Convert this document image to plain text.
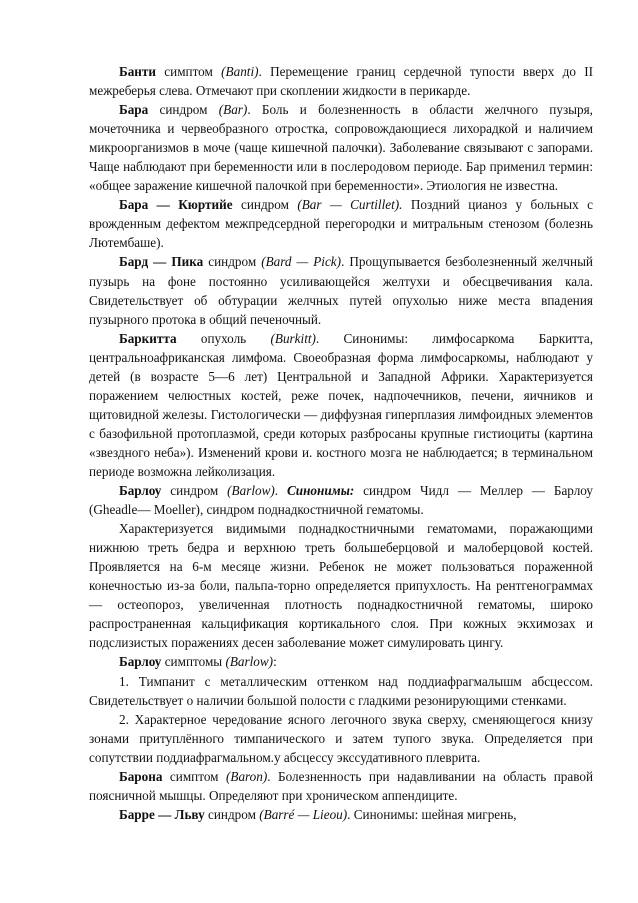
Банти симптом (Banti). Перемещение границ сердечной тупости вверх до II межреберья слева. Отмечают при скоплении жидкости в перикарде.

Бара синдром (Bar). Боль и болезненность в области желчного пузыря, мочеточника и червеобразного отростка, сопровождающиеся лихорадкой и наличием микроорганизмов в моче (чаще кишечной палочки). Заболевание связывают с запорами. Чаще наблюдают при беременности или в послеродовом периоде. Бар применил термин: «общее заражение кишечной палочкой при беременности». Этиология не известна.

Бара — Кюртийе синдром (Bar — Curtillet). Поздний цианоз у больных с врожденным дефектом межпредсердной перегородки и митральным стенозом (болезнь Лютембаше).

Бард — Пика синдром (Bard — Pick). Прощупывается безболезненный желчный пузырь на фоне постоянно усиливающейся желтухи и обесцвечивания кала. Свидетельствует об обтурации желчных путей опухолью ниже места впадения пузырного протока в общий печеночный.

Баркитта опухоль (Burkitt). Синонимы: лимфосаркома Баркитта, центральноафриканская лимфома. Своеобразная форма лимфосаркомы, наблюдают у детей (в возрасте 5—6 лет) Центральной и Западной Африки. Характеризуется поражением челюстных костей, реже почек, надпочечников, печени, яичников и щитовидной железы. Гистологически — диффузная гиперплазия лимфоидных элементов с базофильной протоплазмой, среди которых разбросаны крупные гистиоциты (картина «звездного неба»). Изменений крови и. костного мозга не наблюдается; в терминальном периоде возможна лейколизация.

Барлоу синдром (Barlow). Синонимы: синдром Чидл — Меллер — Барлоу (Gheadle— Moeller), синдром поднадкостничной гематомы.

Характеризуется видимыми поднадкостничными гематомами, поражающими нижнюю треть бедра и верхнюю треть большеберцовой и малоберцовой костей. Проявляется на 6-м месяце жизни. Ребенок не может пользоваться пораженной конечностью из-за боли, пальпа-торно определяется припухлость. На рентгенограммах — остеопороз, увеличенная плотность поднадкостничной гематомы, широко распространенная кальцификация кортикального слоя. При кожных экхимозах и подслизистых поражениях десен заболевание может симулировать цингу.

Барлоу симптомы (Barlow):

1. Тимпанит с металлическим оттенком над поддиафрагмалышм абсцессом. Свидетельствует о наличии большой полости с гладкими резонирующими стенками.

2. Характерное чередование ясного легочного звука сверху, сменяющегося книзу зонами притуплённого тимпанического и затем тупого звука. Определяется при сопутствии поддиафрагмальном.у абсцессу экссудативного плеврита.

Барона симптом (Baron). Болезненность при надавливании на область правой поясничной мышцы. Определяют при хроническом аппендиците.

Барре — Льву синдром (Barré — Lieou). Синонимы: шейная мигрень,
